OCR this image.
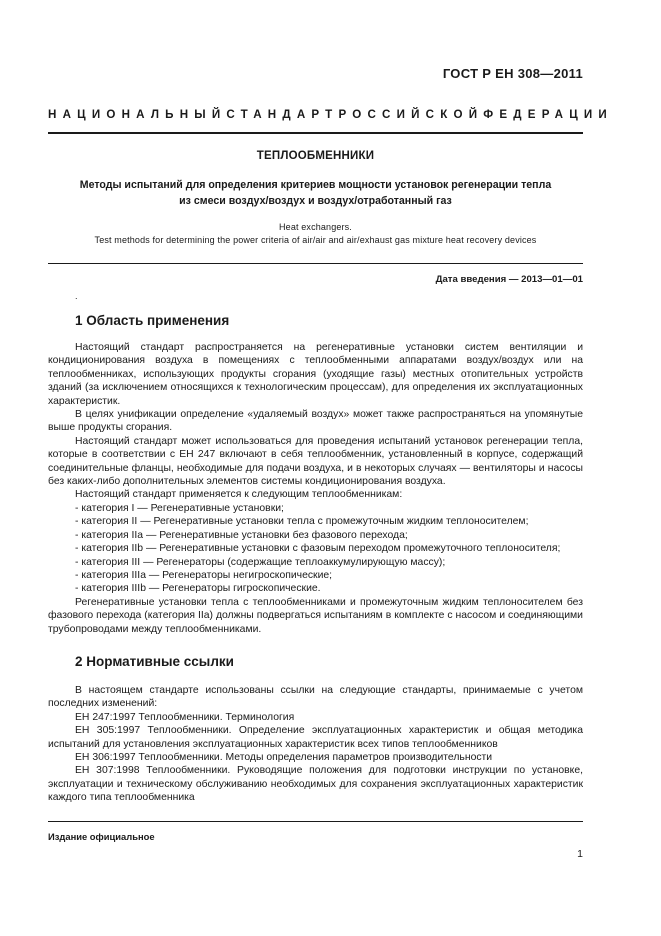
ГОСТ Р ЕН 308—2011
НАЦИОНАЛЬНЫЙ СТАНДАРТ РОССИЙСКОЙ ФЕДЕРАЦИИ
ТЕПЛООБМЕННИКИ
Методы испытаний для определения критериев мощности установок регенерации тепла
из смеси воздух/воздух и воздух/отработанный газ
Heat exchangers.
Test methods for determining the power criteria of air/air and air/exhaust gas mixture heat recovery devices
Дата введения — 2013—01—01
.
1 Область применения

Настоящий стандарт распространяется на регенеративные установки систем вентиляции и кондиционирования воздуха в помещениях с теплообменными аппаратами воздух/воздух или на теплообменниках, использующих продукты сгорания (уходящие газы) местных отопительных устройств зданий (за исключением относящихся к технологическим процессам), для определения их эксплуатационных характеристик.

В целях унификации определение «удаляемый воздух» может также распространяться на упомянутые выше продукты сгорания.

Настоящий стандарт может использоваться для проведения испытаний установок регенерации тепла, которые в соответствии с ЕН 247 включают в себя теплообменник, установленный в корпусе, содержащий соединительные фланцы, необходимые для подачи воздуха, и в некоторых случаях — вентиляторы и насосы без каких-либо дополнительных элементов системы кондиционирования воздуха.

Настоящий стандарт применяется к следующим теплообменникам:

- категория I — Регенеративные установки;

- категория II — Регенеративные установки тепла с промежуточным жидким теплоносителем;

- категория IIa — Регенеративные установки без фазового перехода;

- категория IIb — Регенеративные установки с фазовым переходом промежуточного теплоносителя;

- категория III — Регенераторы (содержащие теплоаккумулирующую массу);

- категория IIIa — Регенераторы негигроскопические;

- категория IIIb — Регенераторы гигроскопические.

Регенеративные установки тепла с теплообменниками и промежуточным жидким теплоносителем без фазового перехода (категория IIa) должны подвергаться испытаниям в комплекте с насосом и соединяющими трубопроводами между теплообменниками.

2 Нормативные ссылки

В настоящем стандарте использованы ссылки на следующие стандарты, принимаемые с учетом последних изменений:

ЕН 247:1997 Теплообменники. Терминология

ЕН 305:1997 Теплообменники. Определение эксплуатационных характеристик и общая методика испытаний для установления эксплуатационных характеристик всех типов теплообменников

ЕН 306:1997 Теплообменники. Методы определения параметров производительности

ЕН 307:1998 Теплообменники. Руководящие положения для подготовки инструкции по установке, эксплуатации и техническому обслуживанию необходимых для сохранения эксплуатационных характеристик каждого типа теплообменника

Издание официальное
1
